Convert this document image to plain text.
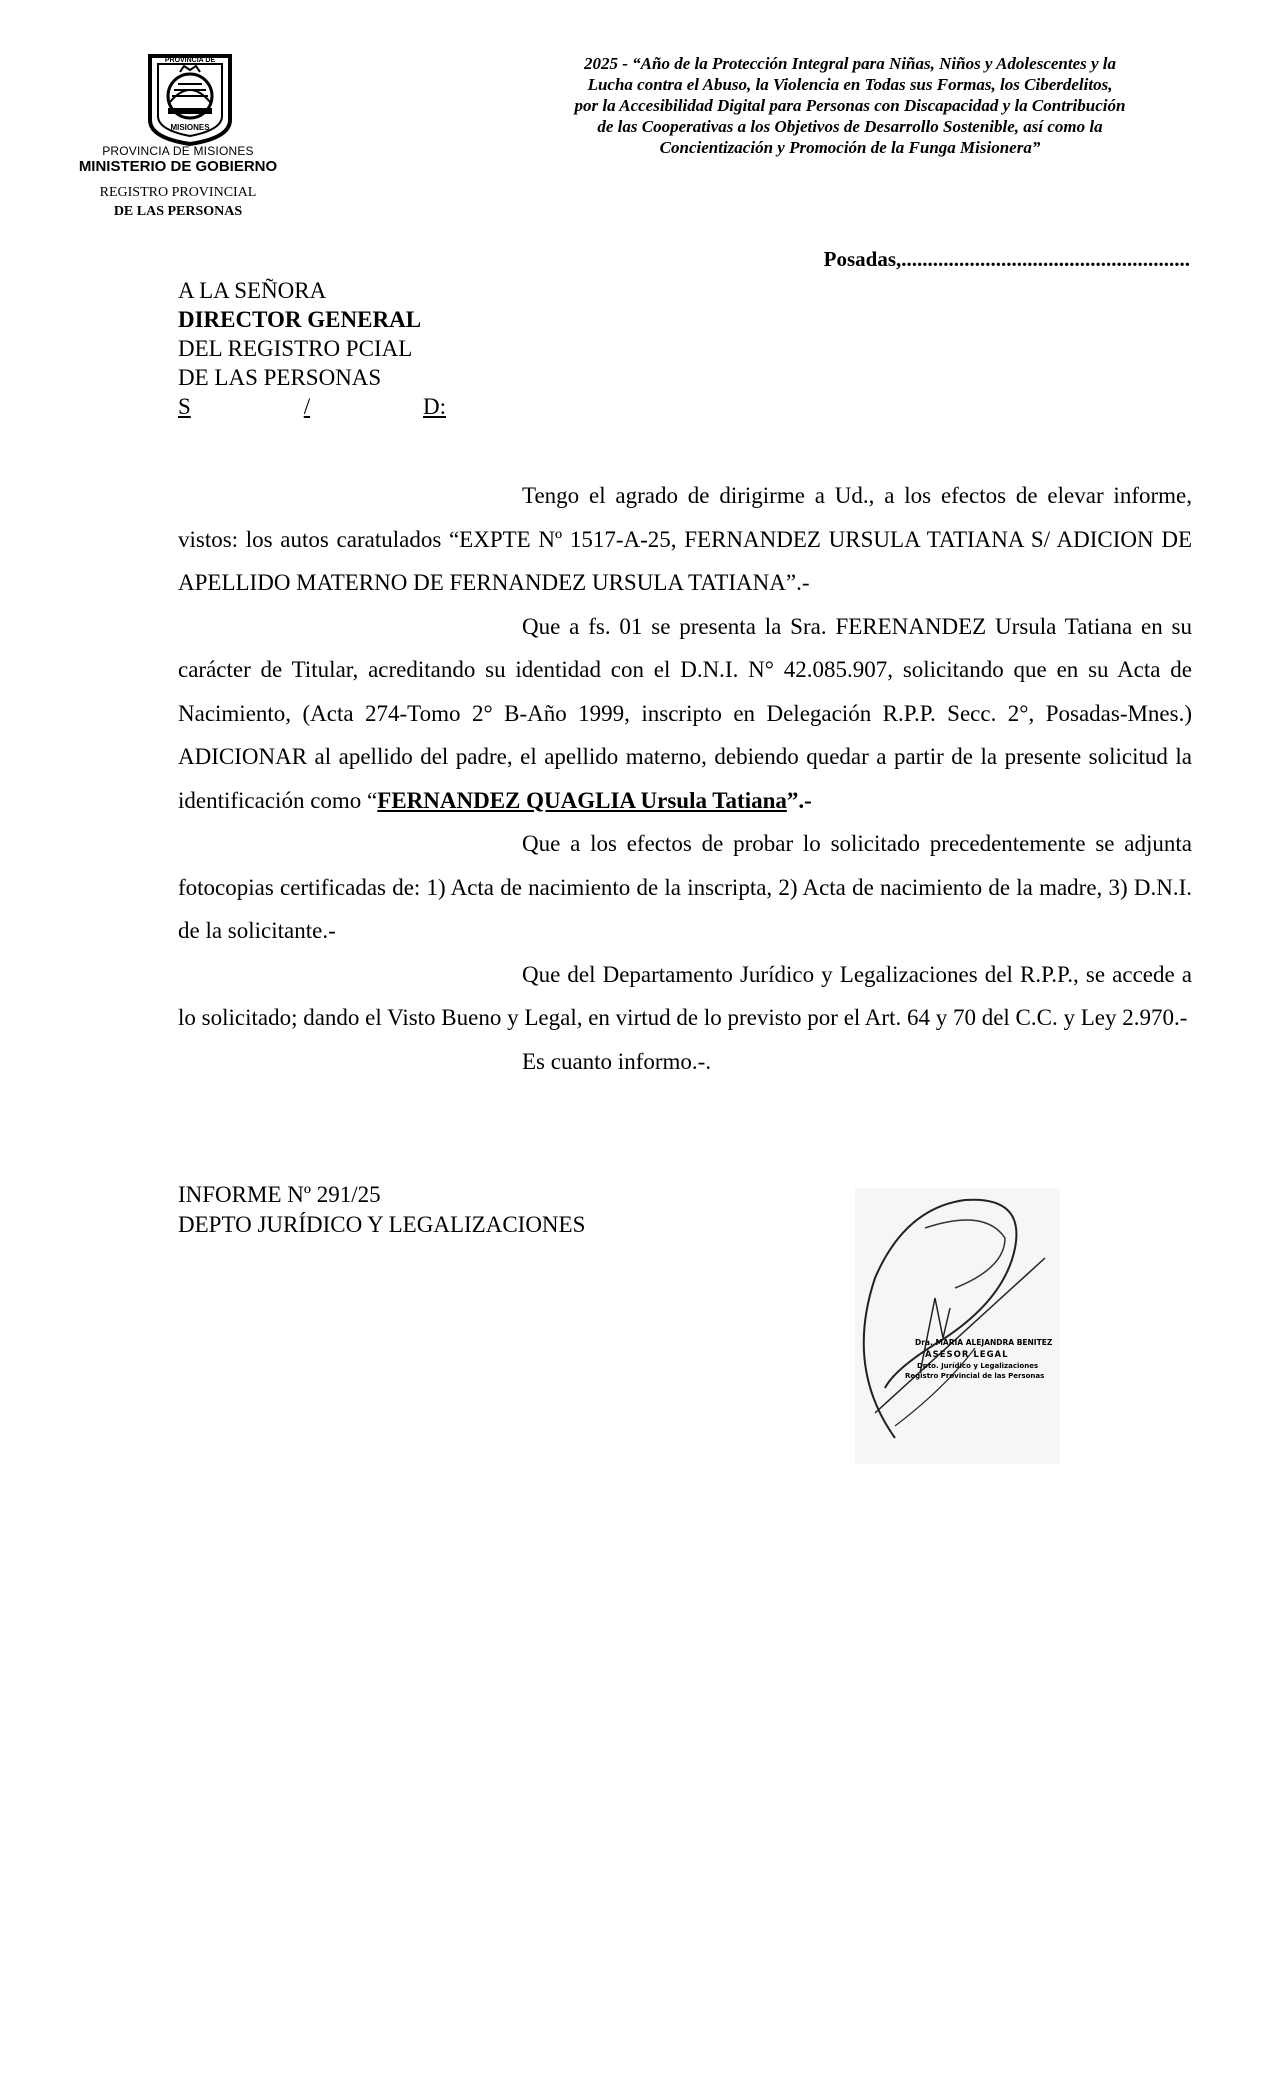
PROVINCIA DE
MISIONES
PROVINCIA DE MISIONES
MINISTERIO DE GOBIERNO
REGISTRO PROVINCIAL
DE LAS PERSONAS
2025 - “Año de la Protección Integral para Niñas, Niños y Adolescentes y la
Lucha contra el Abuso, la Violencia en Todas sus Formas, los Ciberdelitos,
por la Accesibilidad Digital para Personas con Discapacidad y la Contribución
de las Cooperativas a los Objetivos de Desarrollo Sostenible, así como la
Concientización y Promoción de la Funga Misionera”
Posadas,.......................................................
A LA SEÑORA
DIRECTOR GENERAL
DEL REGISTRO PCIAL
DE LAS PERSONAS
S	/	D:

Tengo el agrado de dirigirme a Ud., a los efectos de elevar informe, vistos: los autos caratulados “EXPTE Nº 1517-A-25, FERNANDEZ URSULA TATIANA S/ ADICION DE APELLIDO MATERNO DE FERNANDEZ URSULA TATIANA”.-

Que a fs. 01 se presenta la Sra. FERENANDEZ Ursula Tatiana en su carácter de Titular, acreditando su identidad con el D.N.I. N° 42.085.907, solicitando que en su Acta de Nacimiento, (Acta 274-Tomo 2° B-Año 1999, inscripto en Delegación R.P.P. Secc. 2°, Posadas-Mnes.) ADICIONAR al apellido del padre, el apellido materno, debiendo quedar a partir de la presente solicitud la identificación como “FERNANDEZ QUAGLIA Ursula Tatiana”.-

Que a los efectos de probar lo solicitado precedentemente se adjunta fotocopias certificadas de: 1) Acta de nacimiento de la inscripta, 2) Acta de nacimiento de la madre, 3) D.N.I. de la solicitante.-

Que del Departamento Jurídico y Legalizaciones del R.P.P., se accede a lo solicitado; dando el Visto Bueno y Legal, en virtud de lo previsto por el Art. 64 y 70 del C.C. y Ley 2.970.-

Es cuanto informo.-.

INFORME Nº 291/25
DEPTO JURÍDICO Y LEGALIZACIONES
Dra. MARIA ALEJANDRA BENITEZ
ASESOR LEGAL
Dpto. Jurídico y Legalizaciones
Registro Provincial de las Personas
